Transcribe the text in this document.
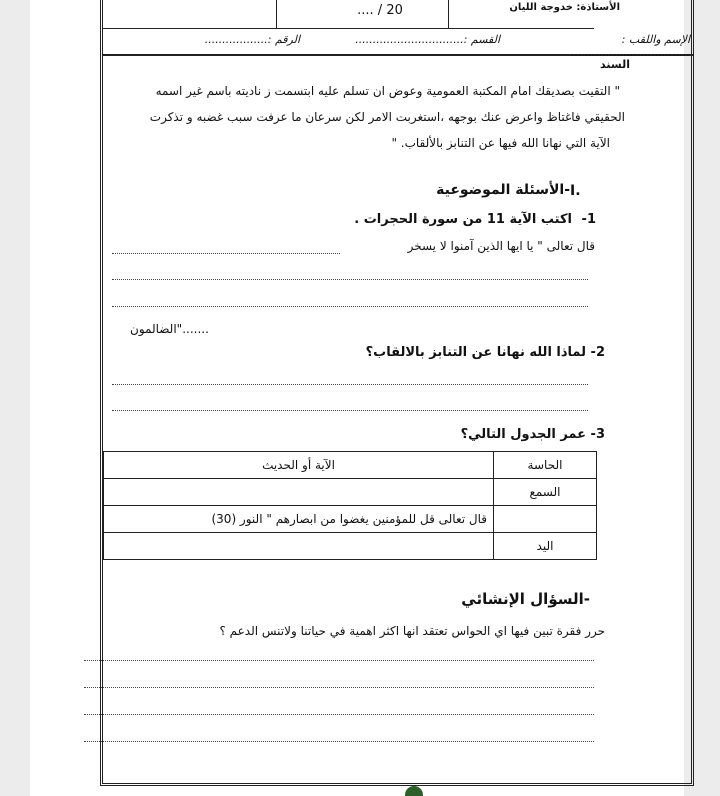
الأستاذة: خدوجة الليان
20 / ....
الإسم واللقب : ..................................
القسم :...............................
الرقم :..................
السند
" التقيت بصديقك امام المكتبة العمومية وعوض ان تسلم عليه ابتسمت ز ناديته باسم غير اسمه
الحقيقي فاغتاظ واعرض عنك بوجهه ،استغربت الامر لكن سرعان ما عرفت سبب غضبه و تذكرت
الآية التي نهانا الله فيها عن التنابز بالألقاب. "
I.
-الأسئلة الموضوعية
1-
اكتب الآية 11 من سورة الحجرات .
قال تعالى " يا ايها الذين آمنوا لا يسخر
الضالمون".......
2- لماذا الله نهانا عن التنابز بالالقاب؟
3- عمر الجدول التالي؟
الحاسة	الآية أو الحديث
السمع	
	قال تعالى قل للمؤمنين يغضوا من ابصارهم " النور (30)
اليد	
-السؤال الإنشائي
حرر فقرة تبين فيها اي الحواس تعتقد انها اكثر اهمية في حياتنا ولاتنس الدعم ؟
